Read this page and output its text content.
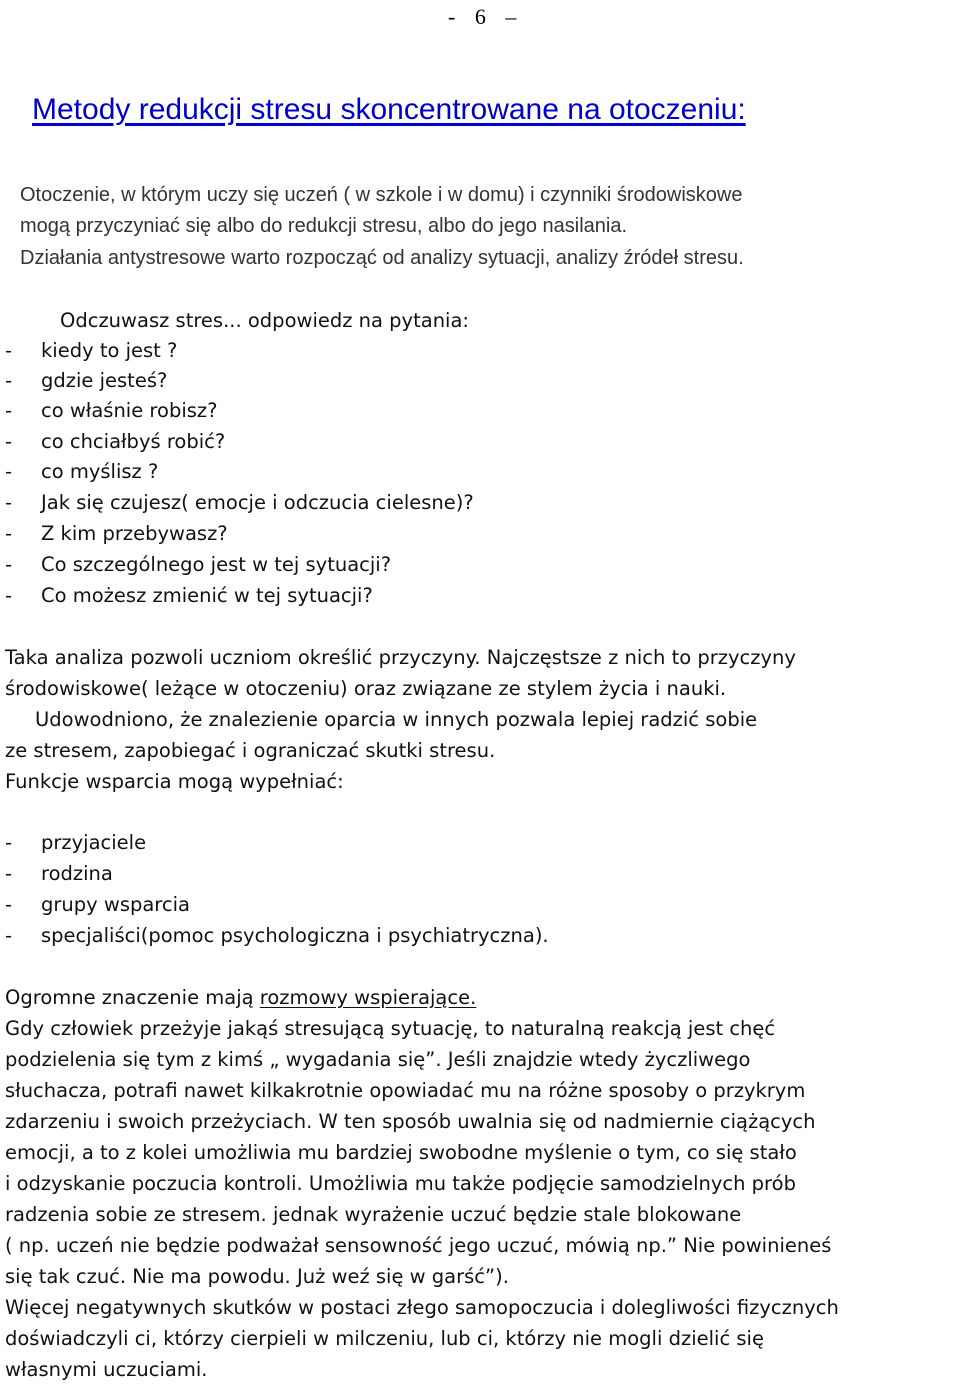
- 6 –

Metody redukcji stresu skoncentrowane na otoczeniu:

Otoczenie, w którym uczy się uczeń ( w szkole i w domu) i czynniki środowiskowe

mogą przyczyniać się albo do redukcji stresu, albo do jego nasilania.

Działania antystresowe warto rozpocząć od analizy sytuacji, analizy źródeł stresu.

Odczuwasz stres... odpowiedz na pytania:

- kiedy to jest ?

- gdzie jesteś?

- co właśnie robisz?

- co chciałbyś robić?

- co myślisz ?

- Jak się czujesz( emocje i odczucia cielesne)?

- Z kim przebywasz?

- Co szczególnego jest w tej sytuacji?

- Co możesz zmienić w tej sytuacji?

Taka analiza pozwoli uczniom określić przyczyny. Najczęstsze z nich to przyczyny

środowiskowe( leżące w otoczeniu) oraz związane ze stylem życia i nauki.

Udowodniono, że znalezienie oparcia w innych pozwala lepiej radzić sobie

ze stresem, zapobiegać i ograniczać skutki stresu.

Funkcje wsparcia mogą wypełniać:

- przyjaciele

- rodzina

- grupy wsparcia

- specjaliści(pomoc psychologiczna i psychiatryczna).

Ogromne znaczenie mają rozmowy wspierające.

Gdy człowiek przeżyje jakąś stresującą sytuację, to naturalną reakcją jest chęć

podzielenia się tym z kimś „ wygadania się”. Jeśli znajdzie wtedy życzliwego

słuchacza, potrafi nawet kilkakrotnie opowiadać mu na różne sposoby o przykrym

zdarzeniu i swoich przeżyciach. W ten sposób uwalnia się od nadmiernie ciążących

emocji, a to z kolei umożliwia mu bardziej swobodne myślenie o tym, co się stało

i odzyskanie poczucia kontroli. Umożliwia mu także podjęcie samodzielnych prób

radzenia sobie ze stresem. jednak wyrażenie uczuć będzie stale blokowane

( np. uczeń nie będzie podważał sensowność jego uczuć, mówią np.” Nie powinieneś

się tak czuć. Nie ma powodu. Już weź się w garść”).

Więcej negatywnych skutków w postaci złego samopoczucia i dolegliwości fizycznych

doświadczyli ci, którzy cierpieli w milczeniu, lub ci, którzy nie mogli dzielić się

własnymi uczuciami.
